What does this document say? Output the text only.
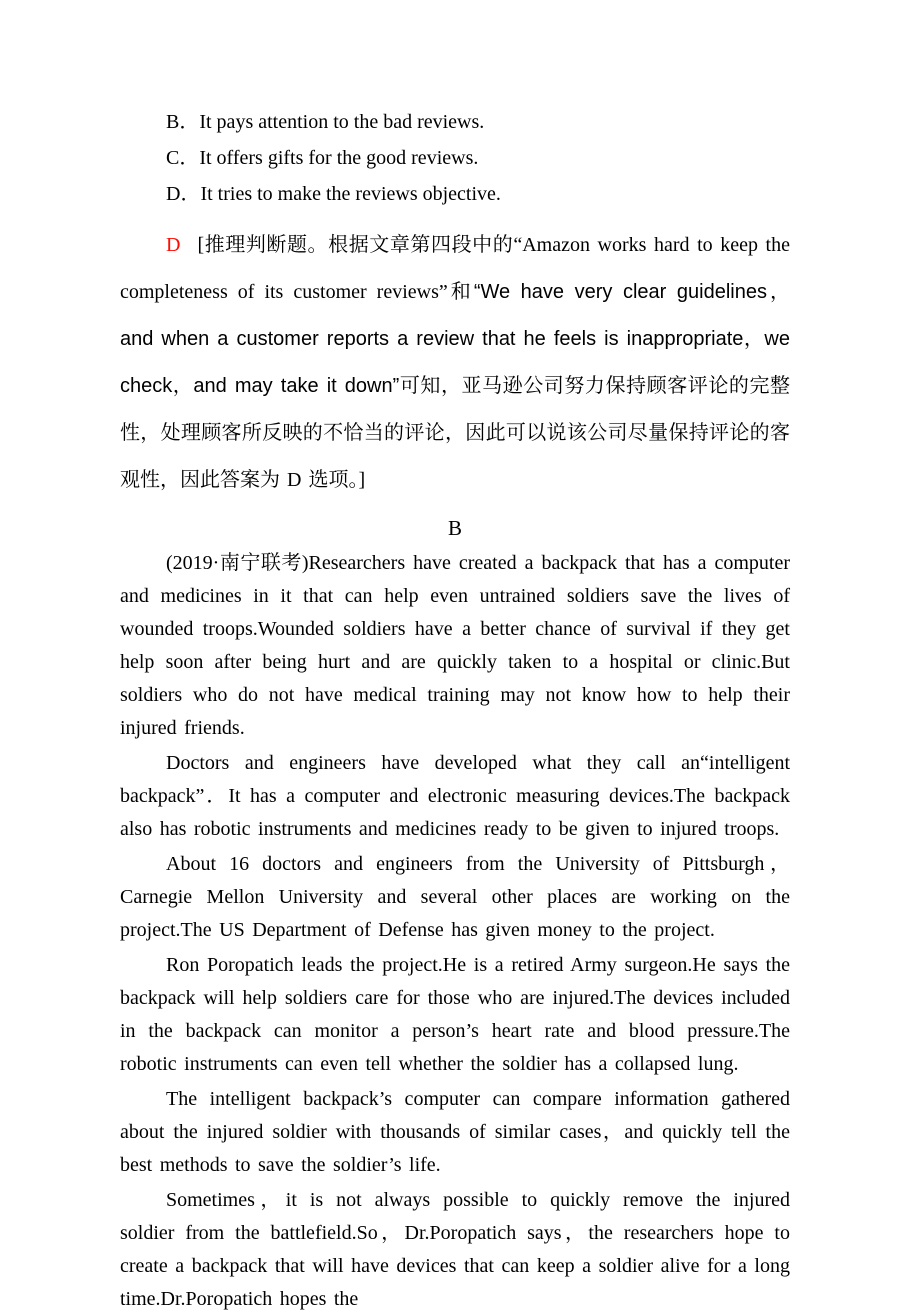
B．It pays attention to the bad reviews.
C．It offers gifts for the good reviews.
D．It tries to make the reviews objective.
D [推理判断题。根据文章第四段中的“Amazon works hard to keep the completeness of its customer reviews”和“We have very clear guidelines，and when a customer reports a review that he feels is inappropriate，we check，and may take it down”可知，亚马逊公司努力保持顾客评论的完整性，处理顾客所反映的不恰当的评论，因此可以说该公司尽量保持评论的客观性，因此答案为 D 选项。]
B

(2019·南宁联考)Researchers have created a backpack that has a computer and medicines in it that can help even untrained soldiers save the lives of wounded troops.Wounded soldiers have a better chance of survival if they get help soon after being hurt and are quickly taken to a hospital or clinic.But soldiers who do not have medical training may not know how to help their injured friends.

Doctors and engineers have developed what they call an“intelligent backpack”．It has a computer and electronic measuring devices.The backpack also has robotic instruments and medicines ready to be given to injured troops.

About 16 doctors and engineers from the University of Pittsburgh，Carnegie Mellon University and several other places are working on the project.The US Department of Defense has given money to the project.

Ron Poropatich leads the project.He is a retired Army surgeon.He says the backpack will help soldiers care for those who are injured.The devices included in the backpack can monitor a person’s heart rate and blood pressure.The robotic instruments can even tell whether the soldier has a collapsed lung.

The intelligent backpack’s computer can compare information gathered about the injured soldier with thousands of similar cases，and quickly tell the best methods to save the soldier’s life.

Sometimes，it is not always possible to quickly remove the injured soldier from the battlefield.So，Dr.Poropatich says，the researchers hope to create a backpack that will have devices that can keep a soldier alive for a long time.Dr.Poropatich hopes the
